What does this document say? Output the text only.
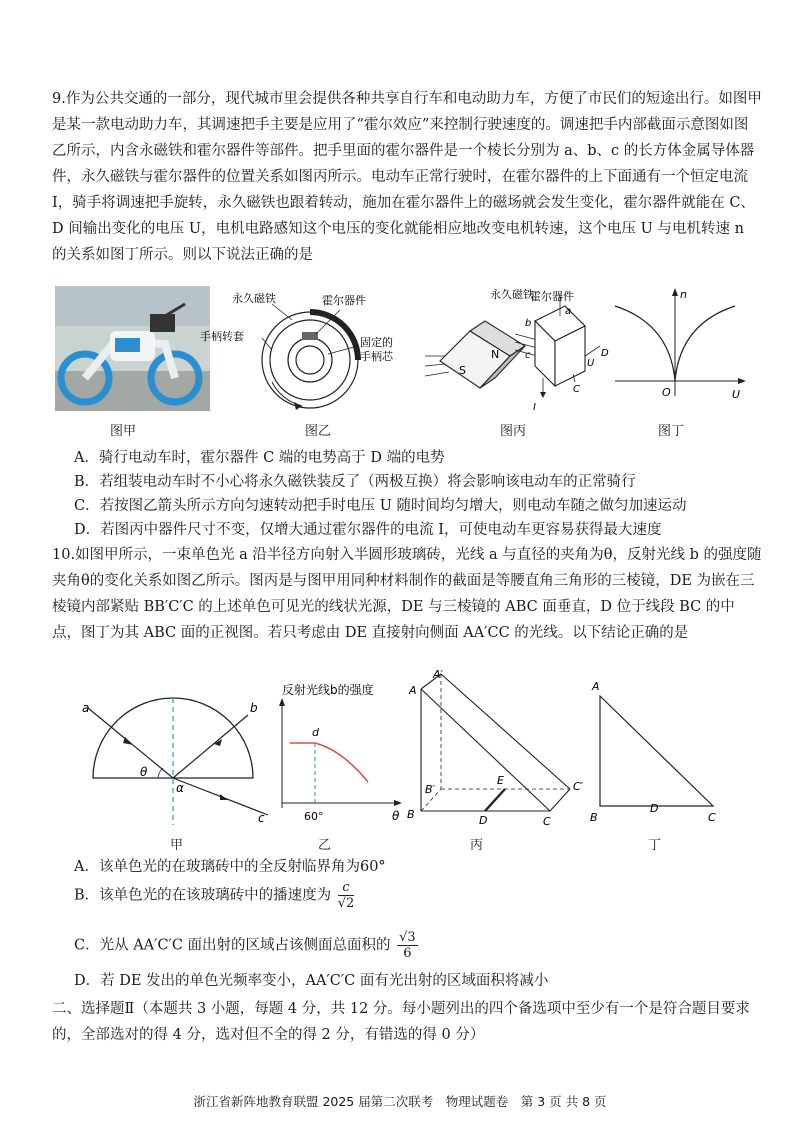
9.作为公共交通的一部分，现代城市里会提供各种共享自行车和电动助力车，方便了市民们的短途出行。如图甲是某一款电动助力车，其调速把手主要是应用了“霍尔效应”来控制行驶速度的。调速把手内部截面示意图如图乙所示，内含永磁铁和霍尔器件等部件。把手里面的霍尔器件是一个棱长分别为 a、b、c 的长方体金属导体器件，永久磁铁与霍尔器件的位置关系如图丙所示。电动车正常行驶时，在霍尔器件的上下面通有一个恒定电流 I，骑手将调速把手旋转，永久磁铁也跟着转动，施加在霍尔器件上的磁场就会发生变化，霍尔器件就能在 C、D 间输出变化的电压 U，电机电路感知这个电压的变化就能相应地改变电机转速，这个电压 U 与电机转速 n 的关系如图丁所示。则以下说法正确的是

图甲
永久磁铁	霍尔器件
手柄转套	固定的
手柄芯
图乙
S
N
永久磁铁
霍尔器件
a
b
c	D
U
C
I
图丙
n
O	U
图丁
A．骑行电动车时，霍尔器件 C 端的电势高于 D 端的电势
B．若组装电动车时不小心将永久磁铁装反了（两极互换）将会影响该电动车的正常骑行
C．若按图乙箭头所示方向匀速转动把手时电压 U 随时间均匀增大，则电动车随之做匀加速运动
D．若图丙中器件尺寸不变，仅增大通过霍尔器件的电流 I，可使电动车更容易获得最大速度

10.如图甲所示，一束单色光 a 沿半径方向射入半圆形玻璃砖，光线 a 与直径的夹角为θ，反射光线 b 的强度随夹角θ的变化关系如图乙所示。图丙是与图甲用同种材料制作的截面是等腰直角三角形的三棱镜，DE 为嵌在三棱镜内部紧贴 BB′C′C 的上述单色可见光的线状光源，DE 与三棱镜的 ABC 面垂直，D 位于线段 BC 的中点，图丁为其 ABC 面的正视图。若只考虑由 DE 直接射向侧面 AA′CC 的光线。以下结论正确的是

a	b
c
θ
α
甲
反射光线b的强度
d
60°	θ
乙
A′
A
B′
B
C′
C
E
D
丙
A
B
D
C
丁
A．该单色光的在玻璃砖中的全反射临界角为60°
B．该单色光的在该玻璃砖中的播速度为 $\frac{c}{√2}$
C．光从 AA′C′C 面出射的区域占该侧面总面积的 $\frac{√3}{6}$
D．若 DE 发出的单色光频率变小，AA′C′C 面有光出射的区域面积将减小
二、选择题Ⅱ（本题共 3 小题，每题 4 分，共 12 分。每小题列出的四个备选项中至少有一个是符合题目要求的，全部选对的得 4 分，选对但不全的得 2 分，有错选的得 0 分）
浙江省新阵地教育联盟 2025 届第二次联考　物理试题卷　第 3 页 共 8 页
